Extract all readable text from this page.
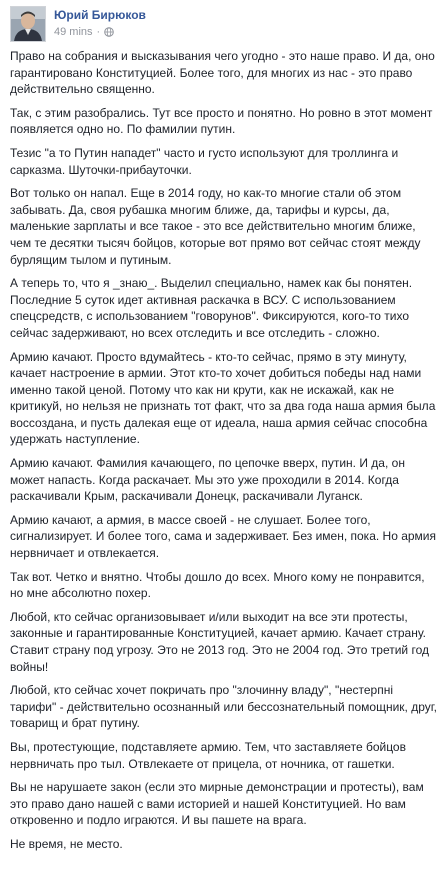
Юрий Бирюков
49 mins ·

Право на собрания и высказывания чего угодно - это наше право. И да, оно гарантировано Конституцией. Более того, для многих из нас - это право действительно священно.

Так, с этим разобрались. Тут все просто и понятно. Но ровно в этот момент появляется одно но. По фамилии путин.

Тезис "а то Путин нападет" часто и густо используют для троллинга и сарказма. Шуточки-прибауточки.

Вот только он напал. Еще в 2014 году, но как-то многие стали об этом забывать. Да, своя рубашка многим ближе, да, тарифы и курсы, да, маленькие зарплаты и все такое - это все действительно многим ближе, чем те десятки тысяч бойцов, которые вот прямо вот сейчас стоят между бурлящим тылом и путиным.

А теперь то, что я _знаю_. Выделил специально, намек как бы понятен. Последние 5 суток идет активная раскачка в ВСУ. С использованием спецсредств, с использованием "говорунов". Фиксируются, кого-то тихо сейчас задерживают, но всех отследить и все отследить - сложно.

Армию качают. Просто вдумайтесь - кто-то сейчас, прямо в эту минуту, качает настроение в армии. Этот кто-то хочет добиться победы над нами именно такой ценой. Потому что как ни крути, как не искажай, как не критикуй, но нельзя не признать тот факт, что за два года наша армия была воссоздана, и пусть далекая еще от идеала, наша армия сейчас способна удержать наступление.

Армию качают. Фамилия качающего, по цепочке вверх, путин. И да, он может напасть. Когда раскачает. Мы это уже проходили в 2014. Когда раскачивали Крым, раскачивали Донецк, раскачивали Луганск.

Армию качают, а армия, в массе своей - не слушает. Более того, сигнализирует. И более того, сама и задерживает. Без имен, пока. Но армия нервничает и отвлекается.

Так вот. Четко и внятно. Чтобы дошло до всех. Много кому не понравится, но мне абсолютно похер.

Любой, кто сейчас организовывает и/или выходит на все эти протесты, законные и гарантированные Конституцией, качает армию. Качает страну. Ставит страну под угрозу. Это не 2013 год. Это не 2004 год. Это третий год войны!

Любой, кто сейчас хочет покричать про "злочинну владу", "нестерпні тарифи" - действительно осознанный или бессознательный помощник, друг, товарищ и брат путину.

Вы, протестующие, подставляете армию. Тем, что заставляете бойцов нервничать про тыл. Отвлекаете от прицела, от ночника, от гашетки.

Вы не нарушаете закон (если это мирные демонстрации и протесты), вам это право дано нашей с вами историей и нашей Конституцией. Но вам откровенно и подло играются. И вы пашете на врага.

Не время, не место.
